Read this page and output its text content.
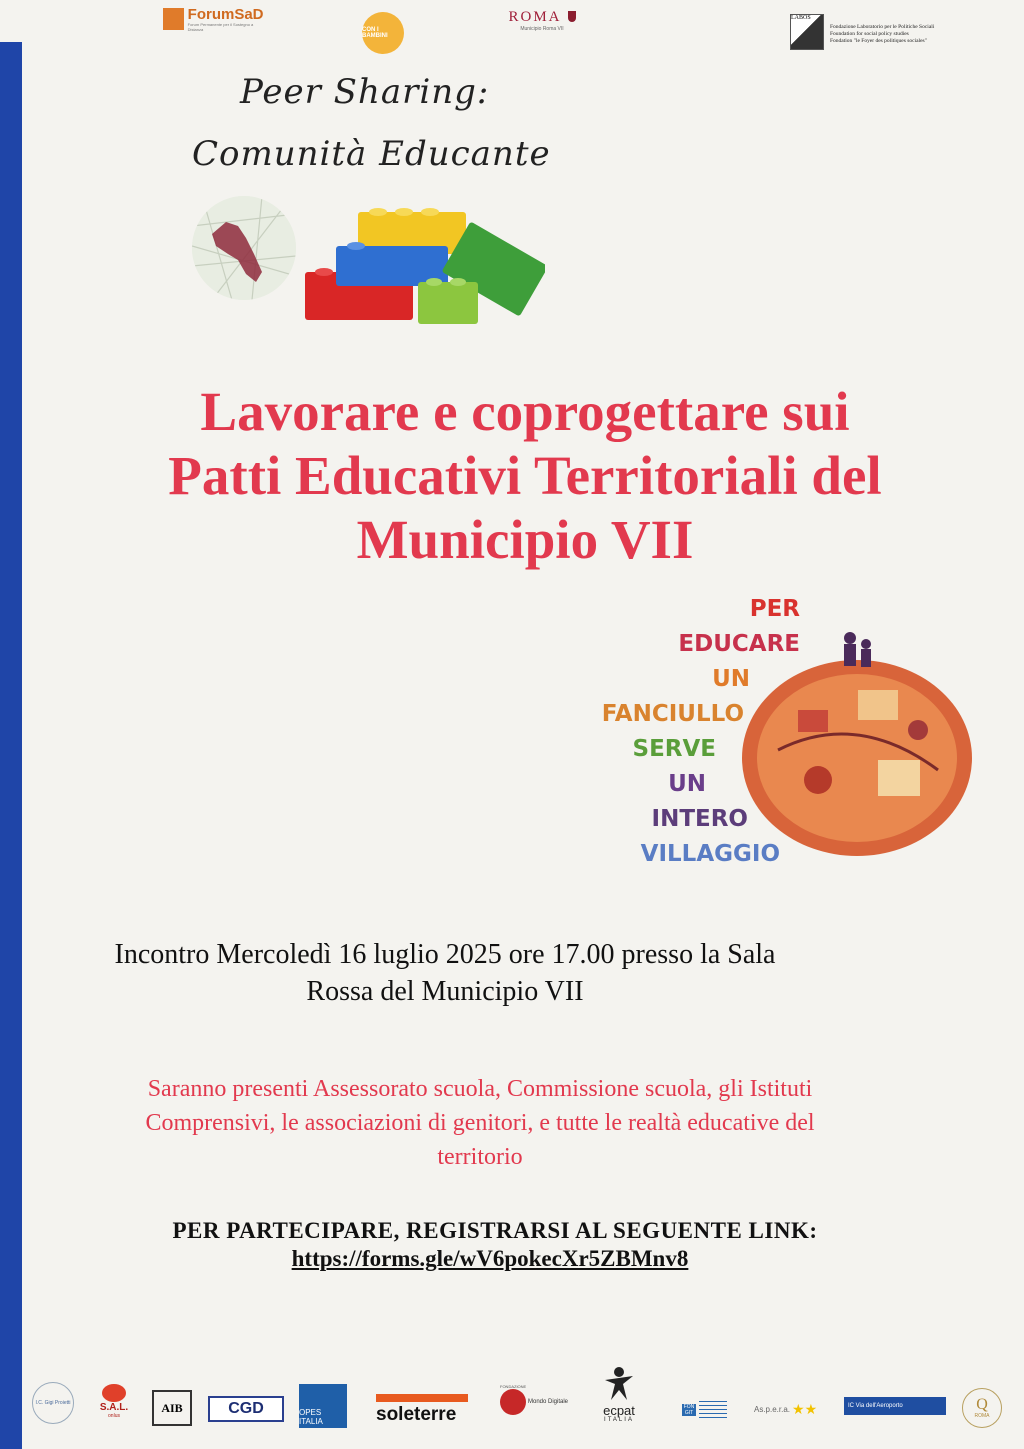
ForumSaD
Forum Permanente per il Sostegno a Distanza	CON I BAMBINI
ROMA
Municipio Roma VII
LABOS
Fondazione Laboratorio per le Politiche Sociali
Foundation for social policy studies
Fondation "le Foyer des politiques sociales"
Peer Sharing:
Comunità Educante
Lavorare e coprogettare sui
Patti Educativi Territoriali del
Municipio VII
PER
EDUCARE
UN
FANCIULLO
SERVE
UN
INTERO
VILLAGGIO
Incontro Mercoledì 16 luglio 2025 ore 17.00 presso la Sala
Rossa del Municipio VII
Saranno presenti Assessorato scuola, Commissione scuola, gli Istituti
Comprensivi, le associazioni di genitori, e tutte le realtà educative del
territorio
PER PARTECIPARE, REGISTRARSI AL SEGUENTE LINK:
https://forms.gle/wV6pokecXr5ZBMnv8
I.C. Gigi Proietti	S.A.L.
onlus
AIB	CGD	OPES ITALIA	soleterre
FONDAZIONE
Mondo Digitale
ecpat
ITALIA
FONGIT	As.p.e.r.a. ★★	IC Via dell'Aeroporto	Q
ROMA
